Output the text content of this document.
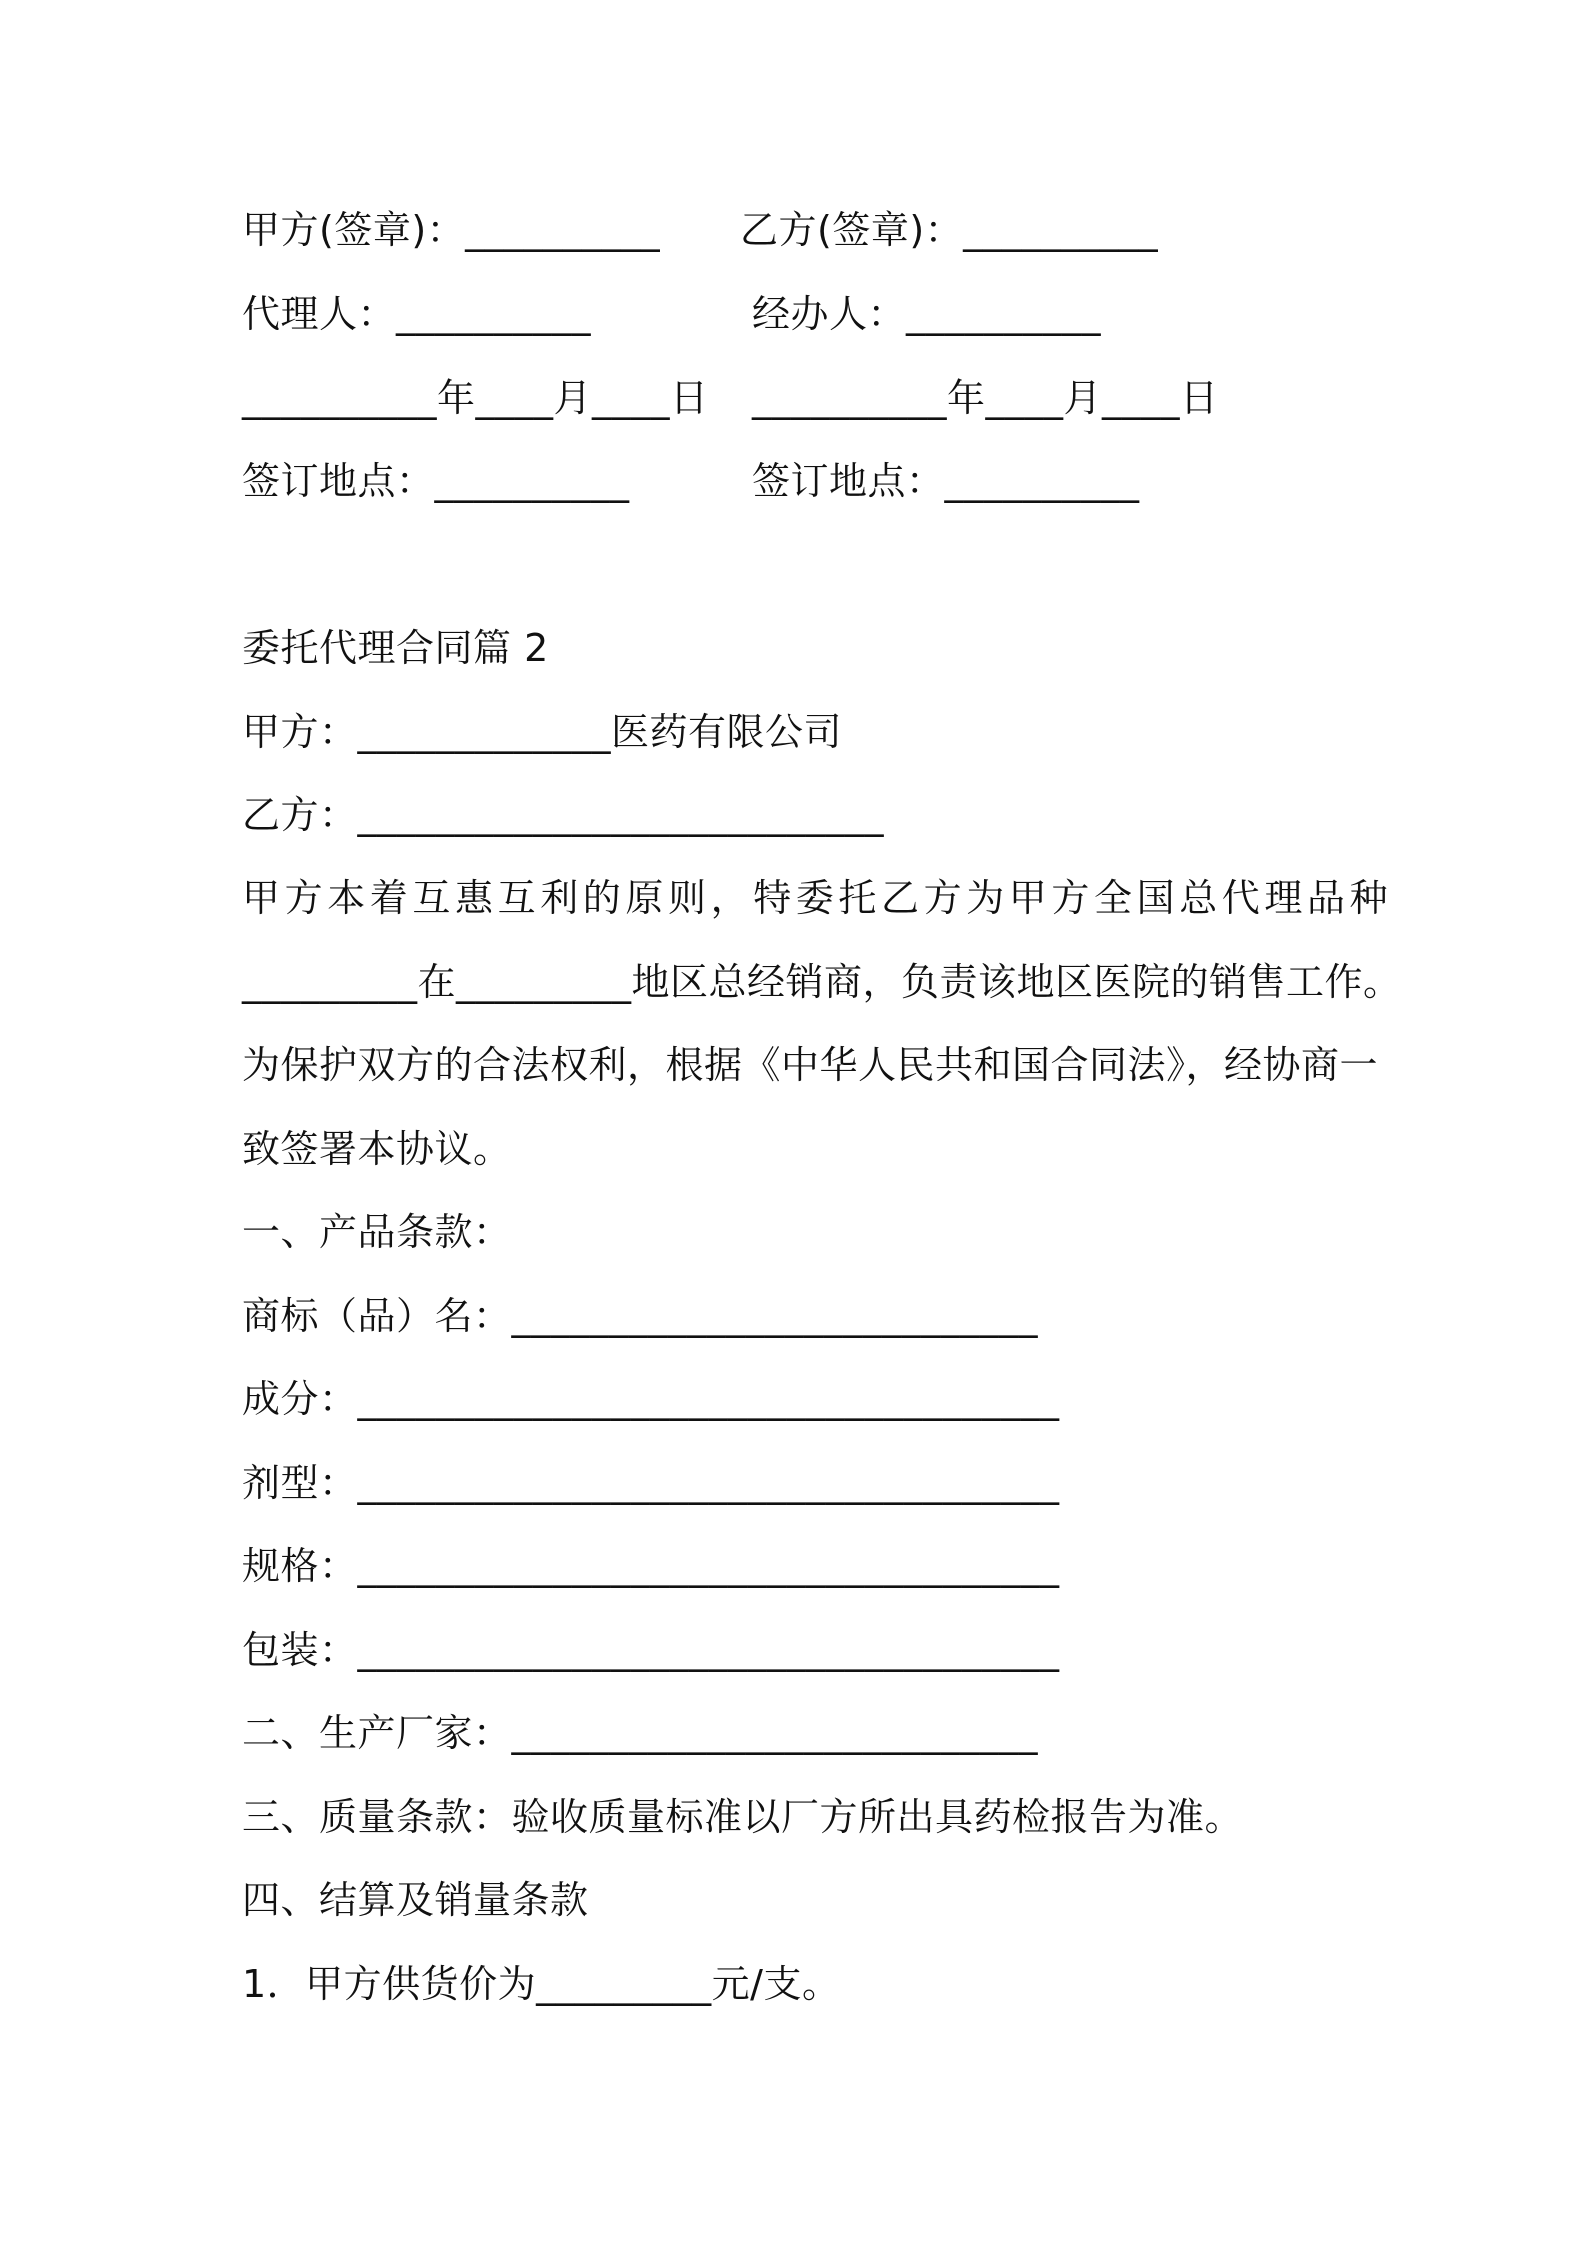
甲方(签章)：__________ 乙方(签章)：__________
代理人：__________	经办人：__________
__________年____月____日 __________年____月____日
签订地点：__________	签订地点：__________
委托代理合同篇 2
甲方：_____________医药有限公司
乙方：___________________________
甲方本着互惠互利的原则，特委托乙方为甲方全国总代理品种
_________在_________地区总经销商，负责该地区医院的销售工作。
为保护双方的合法权利，根据《中华人民共和国合同法》，经协商一
致签署本协议。
一、产品条款：
商标（品）名：___________________________
成分：____________________________________
剂型：____________________________________
规格：____________________________________
包装：____________________________________
二、生产厂家：___________________________
三、质量条款：验收质量标准以厂方所出具药检报告为准。
四、结算及销量条款
1．甲方供货价为_________元/支。
